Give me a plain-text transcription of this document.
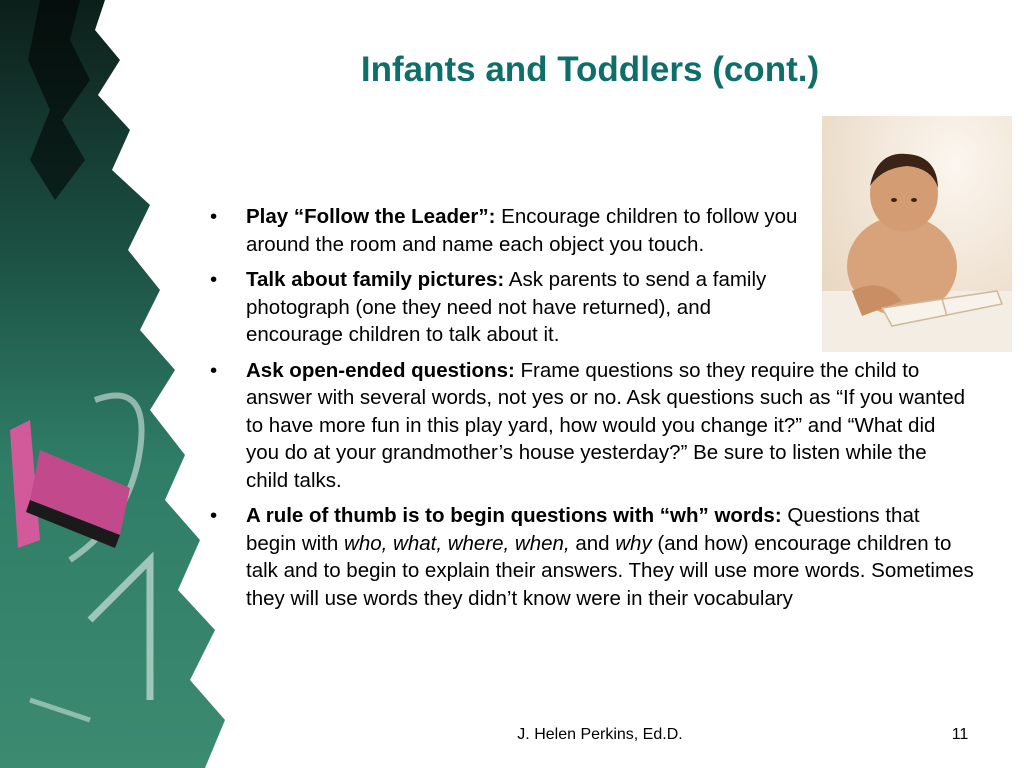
Infants and Toddlers (cont.)
• Play “Follow the Leader”: Encourage children to follow you around the room and name each object you touch.
• Talk about family pictures: Ask parents to send a family photograph (one they need not have returned), and encourage children to talk about it.
• Ask open-ended questions: Frame questions so they require the child to answer with several words, not yes or no. Ask questions such as “If you wanted to have more fun in this play yard, how would you change it?” and “What did you do at your grandmother’s house yesterday?” Be sure to listen while the child talks.
• A rule of thumb is to begin questions with “wh” words: Questions that begin with who, what, where, when, and why (and how) encourage children to talk and to begin to explain their answers. They will use more words. Sometimes they will use words they didn’t know were in their vocabulary
J. Helen Perkins, Ed.D.	11
